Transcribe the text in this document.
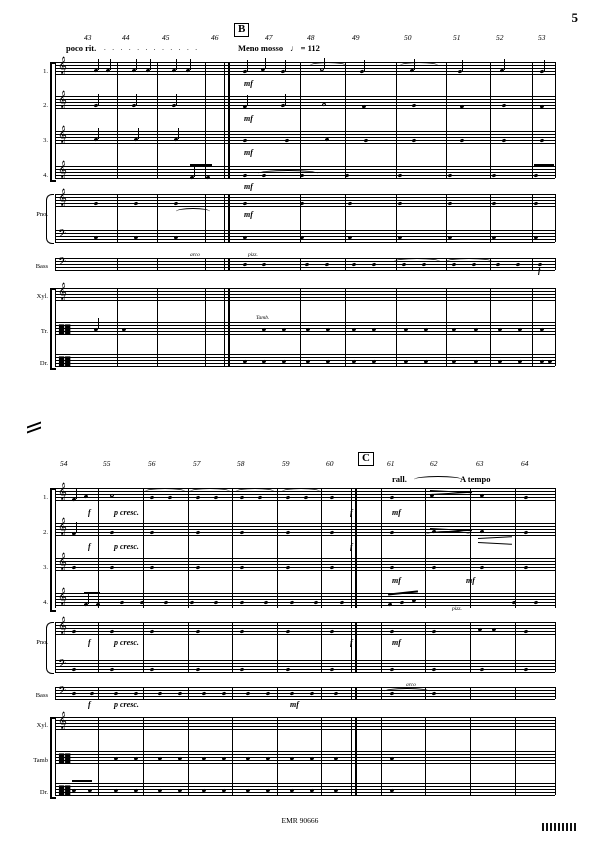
5
43	44	45	46	47	48	49	50	51	52	53
B
poco rit. . . . . . . . . . . . .	Meno mosso ♩ = 112
1. 𝄞
2. 𝄞
3. 𝄞
4. 𝄞
Pno.
𝄞
𝄢
Bass 𝄢
Xyl. 𝄞
Tr. ▮▮
Dr. ▮▮
mf
mf
mf
mf
mf
f
arco	pizz.
Tamb.
54	55	56	57	58	59	60	61	62	63	64
C
rall.	A tempo
1. 𝄞
2. 𝄞
3. 𝄞
4. 𝄞
Pno.
𝄞
𝄢
Bass 𝄢
Xyl. 𝄞
Tamb ▮▮
Dr. ▮▮
f	p cresc.	f	mf
f	p cresc.	f
mf	mf
f	p cresc.	f	mf
f	p cresc.	mf
arco
pizz.
EMR 90666
